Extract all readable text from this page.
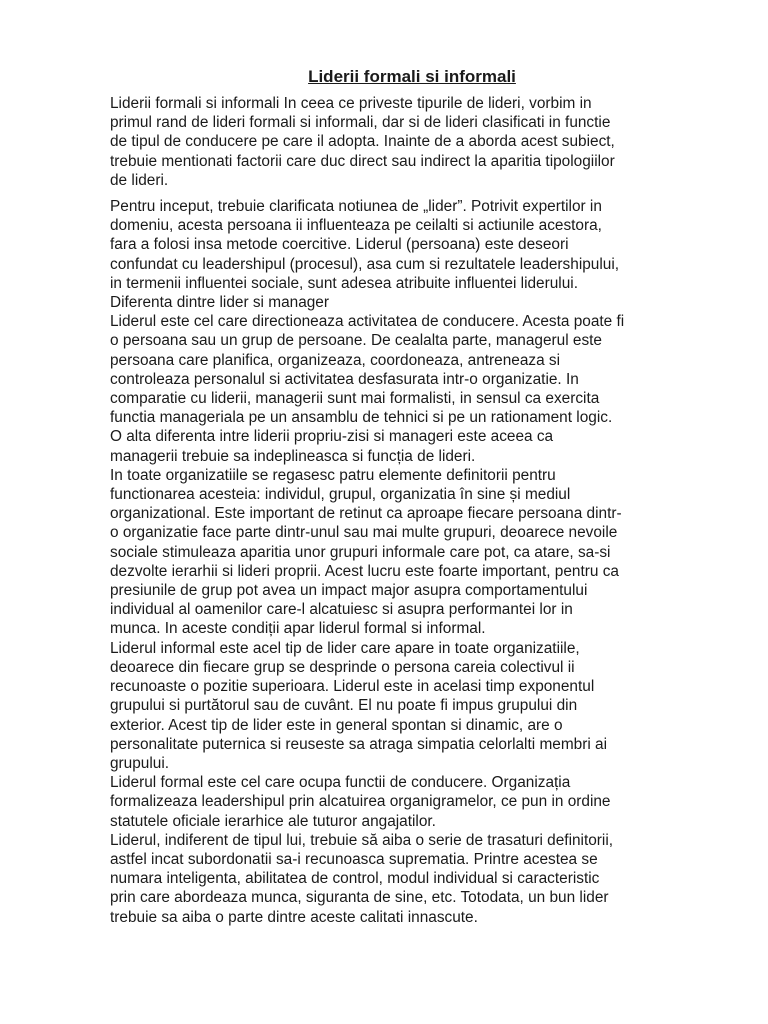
Liderii formali si informali

Liderii formali si informali In ceea ce priveste tipurile de lideri, vorbim in
primul rand de lideri formali si informali, dar si de lideri clasificati in functie
de tipul de conducere pe care il adopta. Inainte de a aborda acest subiect,
trebuie mentionati factorii care duc direct sau indirect la aparitia tipologiilor
de lideri.

Pentru inceput, trebuie clarificata notiunea de „lider”. Potrivit expertilor in
domeniu, acesta persoana ii influenteaza pe ceilalti si actiunile acestora,
fara a folosi insa metode coercitive. Liderul (persoana) este deseori
confundat cu leadershipul (procesul), asa cum si rezultatele leadershipului,
in termenii influentei sociale, sunt adesea atribuite influentei liderului.
Diferenta dintre lider si manager
Liderul este cel care directioneaza activitatea de conducere. Acesta poate fi
o persoana sau un grup de persoane. De cealalta parte, managerul este
persoana care planifica, organizeaza, coordoneaza, antreneaza si
controleaza personalul si activitatea desfasurata intr-o organizatie. In
comparatie cu liderii, managerii sunt mai formalisti, in sensul ca exercita
functia manageriala pe un ansamblu de tehnici si pe un rationament logic.
O alta diferenta intre liderii propriu-zisi si manageri este aceea ca
managerii trebuie sa indeplineasca si funcția de lideri.
In toate organizatiile se regasesc patru elemente definitorii pentru
functionarea acesteia: individul, grupul, organizatia în sine și mediul
organizational. Este important de retinut ca aproape fiecare persoana dintr-
o organizatie face parte dintr-unul sau mai multe grupuri, deoarece nevoile
sociale stimuleaza aparitia unor grupuri informale care pot, ca atare, sa-si
dezvolte ierarhii si lideri proprii. Acest lucru este foarte important, pentru ca
presiunile de grup pot avea un impact major asupra comportamentului
individual al oamenilor care-l alcatuiesc si asupra performantei lor in
munca. In aceste condiții apar liderul formal si informal.
Liderul informal este acel tip de lider care apare in toate organizatiile,
deoarece din fiecare grup se desprinde o persona careia colectivul ii
recunoaste o pozitie superioara. Liderul este in acelasi timp exponentul
grupului si purtătorul sau de cuvânt. El nu poate fi impus grupului din
exterior. Acest tip de lider este in general spontan si dinamic, are o
personalitate puternica si reuseste sa atraga simpatia celorlalti membri ai
grupului.
Liderul formal este cel care ocupa functii de conducere. Organizația
formalizeaza leadershipul prin alcatuirea organigramelor, ce pun in ordine
statutele oficiale ierarhice ale tuturor angajatilor.
Liderul, indiferent de tipul lui, trebuie să aiba o serie de trasaturi definitorii,
astfel incat subordonatii sa-i recunoasca suprematia. Printre acestea se
numara inteligenta, abilitatea de control, modul individual si caracteristic
prin care abordeaza munca, siguranta de sine, etc. Totodata, un bun lider
trebuie sa aiba o parte dintre aceste calitati innascute.
